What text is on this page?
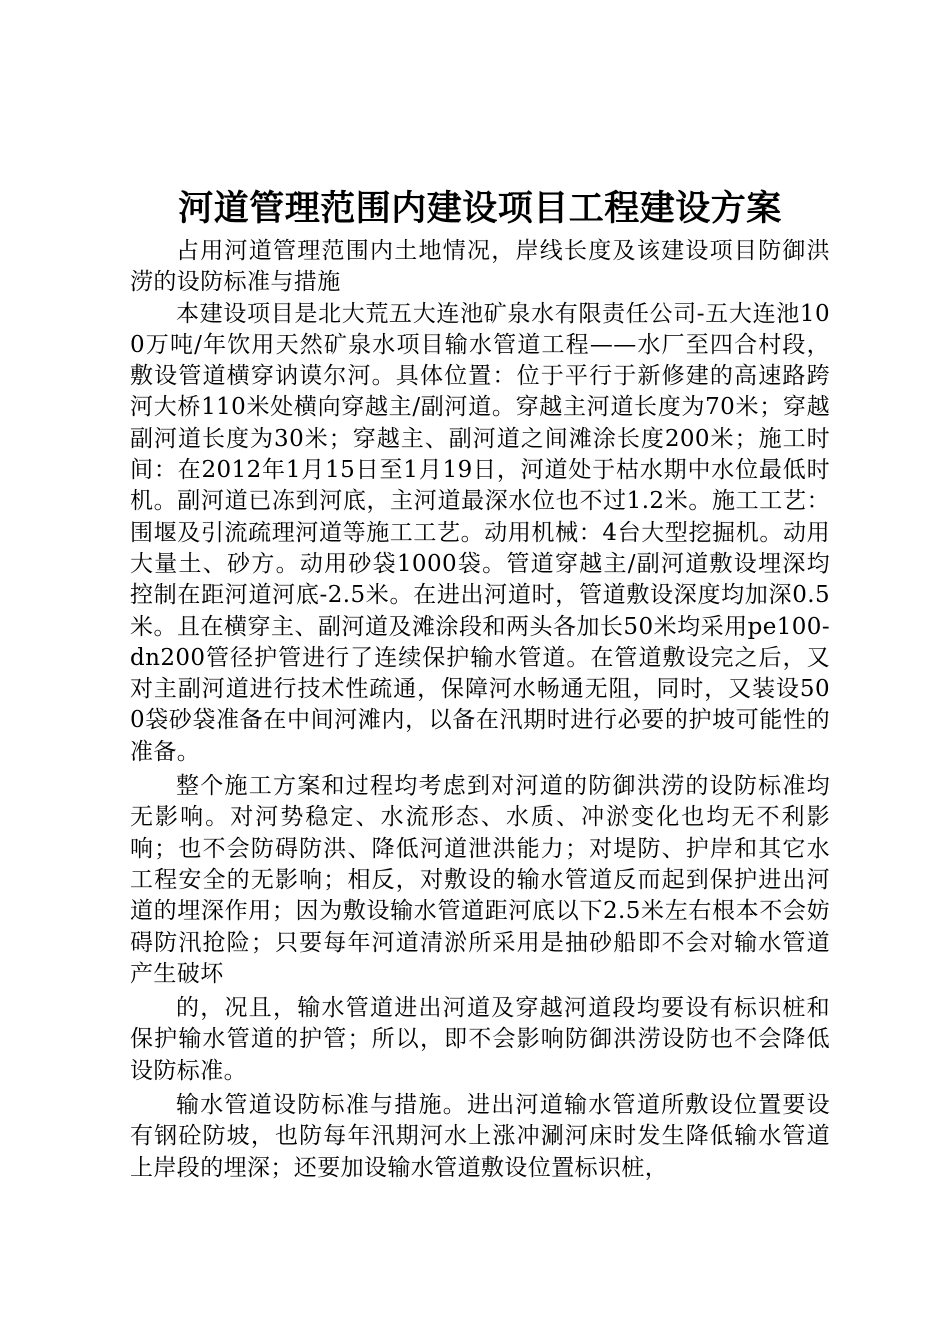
河道管理范围内建设项目工程建设方案

占用河道管理范围内土地情况，岸线长度及该建设项目防御洪涝的设防标准与措施

本建设项目是北大荒五大连池矿泉水有限责任公司-五大连池100万吨/年饮用天然矿泉水项目输水管道工程——水厂至四合村段，敷设管道横穿讷谟尔河。具体位置：位于平行于新修建的高速路跨河大桥110米处横向穿越主/副河道。穿越主河道长度为70米；穿越副河道长度为30米；穿越主、副河道之间滩涂长度200米；施工时间：在2012年1月15日至1月19日，河道处于枯水期中水位最低时机。副河道已冻到河底，主河道最深水位也不过1.2米。施工工艺：围堰及引流疏理河道等施工工艺。动用机械：4台大型挖掘机。动用大量土、砂方。动用砂袋1000袋。管道穿越主/副河道敷设埋深均控制在距河道河底-2.5米。在进出河道时，管道敷设深度均加深0.5米。且在横穿主、副河道及滩涂段和两头各加长50米均采用pe100-dn200管径护管进行了连续保护输水管道。在管道敷设完之后，又对主副河道进行技术性疏通，保障河水畅通无阻，同时，又装设500袋砂袋准备在中间河滩内，以备在汛期时进行必要的护坡可能性的准备。

整个施工方案和过程均考虑到对河道的防御洪涝的设防标准均无影响。对河势稳定、水流形态、水质、冲淤变化也均无不利影响；也不会防碍防洪、降低河道泄洪能力；对堤防、护岸和其它水工程安全的无影响；相反，对敷设的输水管道反而起到保护进出河道的埋深作用；因为敷设输水管道距河底以下2.5米左右根本不会妨碍防汛抢险；只要每年河道清淤所采用是抽砂船即不会对输水管道产生破坏

的，况且，输水管道进出河道及穿越河道段均要设有标识桩和保护输水管道的护管；所以，即不会影响防御洪涝设防也不会降低设防标准。

输水管道设防标准与措施。进出河道输水管道所敷设位置要设有钢砼防坡，也防每年汛期河水上涨冲涮河床时发生降低输水管道上岸段的埋深；还要加设输水管道敷设位置标识桩，
